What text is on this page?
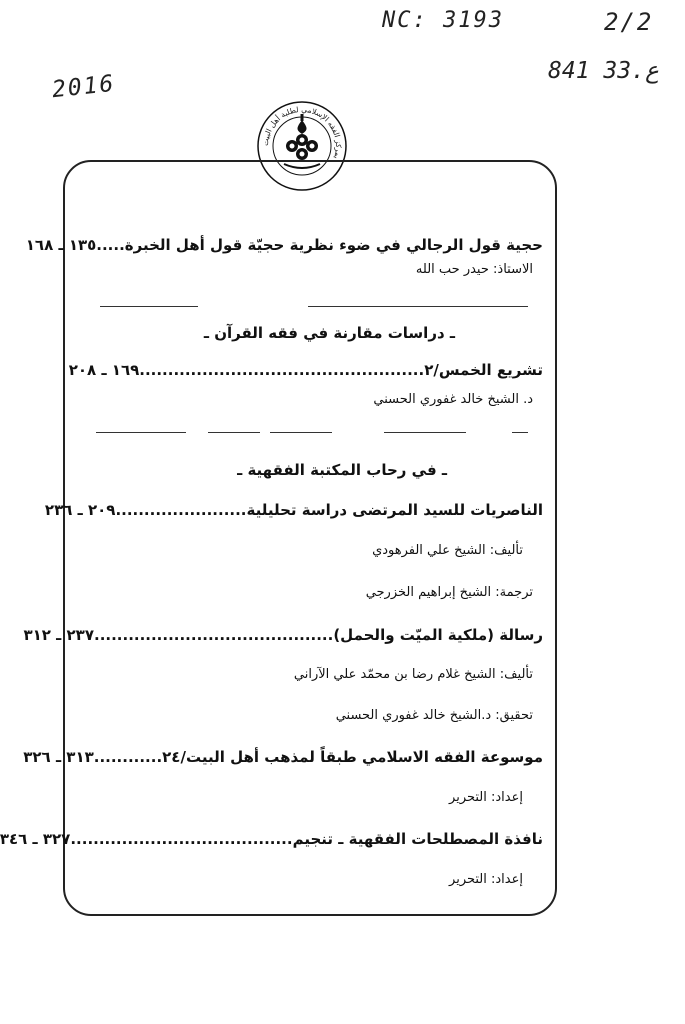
NC: 3193	2/2
2016	841 33.ع
بمركز الفقه الإسلامي لطلبة أهل البيت
حجية قول الرجالي في ضوء نظرية حجيّة قول أهل الخبرة.....١٣٥ ـ ١٦٨
الاستاذ: حيدر حب الله
ـ دراسات مقارنة في فقه القرآن ـ
تشريع الخمس/٢..................................................١٦٩ ـ ٢٠٨
د. الشيخ خالد غفوري الحسني
ـ في رحاب المكتبة الفقهية ـ
الناصريات للسيد المرتضى دراسة تحليلية.......................٢٠٩ ـ ٢٣٦
تأليف: الشيخ علي الفرهودي
ترجمة: الشيخ إبراهيم الخزرجي
رسالة (ملكية الميّت والحمل)..........................................٢٣٧ ـ ٣١٢
تأليف: الشيخ غلام رضا بن محمّد علي الآراني
تحقيق: د.الشيخ خالد غفوري الحسني
موسوعة الفقه الاسلامي طبقاً لمذهب أهل البيت/٢٤............٣١٣ ـ ٣٢٦
إعداد: التحرير
نافذة المصطلحات الفقهية ـ تنجيم.......................................٣٢٧ ـ ٣٤٦
إعداد: التحرير
